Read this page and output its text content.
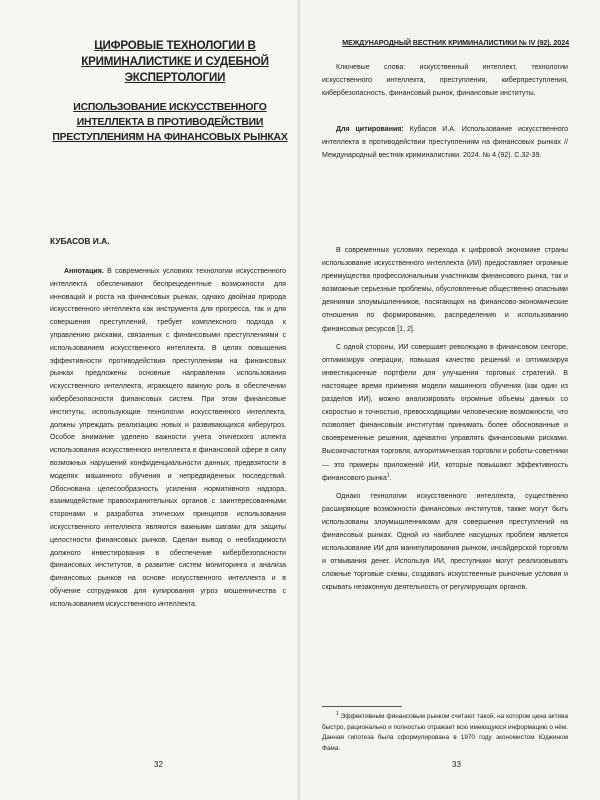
ЦИФРОВЫЕ ТЕХНОЛОГИИ В КРИМИНАЛИСТИКЕ И СУДЕБНОЙ ЭКСПЕРТОЛОГИИ
ИСПОЛЬЗОВАНИЕ ИСКУССТВЕННОГО ИНТЕЛЛЕКТА В ПРОТИВОДЕЙСТВИИ ПРЕСТУПЛЕНИЯМ НА ФИНАНСОВЫХ РЫНКАХ
КУБАСОВ И.А.

Аннотация. В современных условиях технологии искусственного интеллекта обеспечивают беспрецедентные возможности для инноваций и роста на финансовых рынках, однако двойная природа искусственного интеллекта как инструмента для прогресса, так и для совершения преступлений, требует комплексного подхода к управлению рисками, связанных с финансовыми преступлениями с использованием искусственного интеллекта. В целях повышения эффективности противодействия преступлениям на финансовых рынках предложены основные направления использования искусственного интеллекта, играющего важную роль в обеспечении кибербезопасности финансовых систем. При этом финансовые институты, использующие технологии искусственного интеллекта, должны упреждать реализацию новых и развивающихся киберугроз. Особое внимание уделено важности учета этического аспекта использования искусственного интеллекта в финансовой сфере в силу возможных нарушений конфиденциальности данных, предвзятости в моделях машинного обучения и непредвиденных последствий. Обоснована целесообразность усиления нормативного надзора, взаимодействие правоохранительных органов с заинтересованными сторонами и разработка этических принципов использования искусственного интеллекта являются важными шагами для защиты целостности финансовых рынков. Сделан вывод о необходимости должного инвестирования в обеспечение кибербезопасности финансовых институтов, в развитие систем мониторинга и анализа финансовых рынков на основе искусственного интеллекта и в обучение сотрудников для купирования угроз мошенничества с использованием искусственного интеллекта.

32
МЕЖДУНАРОДНЫЙ ВЕСТНИК КРИМИНАЛИСТИКИ № IV (92). 2024

Ключевые слова: искусственный интеллект, технологии искусственного интеллекта, преступления, киберпреступления, кибербезопасность, финансовый рынок, финансовые институты.

Для цитирования: Кубасов И.А. Использование искусственного интеллекта в противодействии преступлениям на финансовых рынках // Международный вестник криминалистики. 2024. № 4 (92). С.32-39.

В современных условиях перехода к цифровой экономике страны использование искусственного интеллекта (ИИ) предоставляет огромные преимущества профессиональным участникам финансового рынка, так и возможные серьезные проблемы, обусловленные общественно опасными деяниями злоумышленников, посягающих на финансово-экономические отношения по формированию, распределению и использованию финансовых ресурсов [1, 2].

С одной стороны, ИИ совершает революцию в финансовом секторе, оптимизируя операции, повышая качество решений и оптимизируя инвестиционные портфели для улучшения торговых стратегий. В настоящее время применяя модели машинного обучения (как один из разделов ИИ), можно анализировать огромные объемы данных со скоростью и точностью, превосходящими человеческие возможности, что позволяет финансовым институтам принимать более обоснованные и своевременные решения, адекватно управлять финансовыми рисками. Высокочастотная торговля, алгоритмическая торговля и роботы-советники — это примеры приложений ИИ, которые повышают эффективность финансового рынка$^1$.

Однако технологии искусственного интеллекта, существенно расширяющие возможности финансовых институтов, также могут быть использованы злоумышленниками для совершения преступлений на финансовых рынках. Одной из наиболее насущных проблем является использование ИИ для манипулирования рынком, инсайдерской торговли и отмывания денег. Используя ИИ, преступники могут реализовывать сложные торговые схемы, создавать искусственные рыночные условия и скрывать незаконную деятельность от регулирующих органов.

$^1$ Эффективным финансовым рынком считают такой, на котором цена актива быстро, рационально и полностью отражает всю имеющуюся информацию о нём. Данная гипотеза была сформулирована в 1970 году экономистом Юджином Фама.

33
